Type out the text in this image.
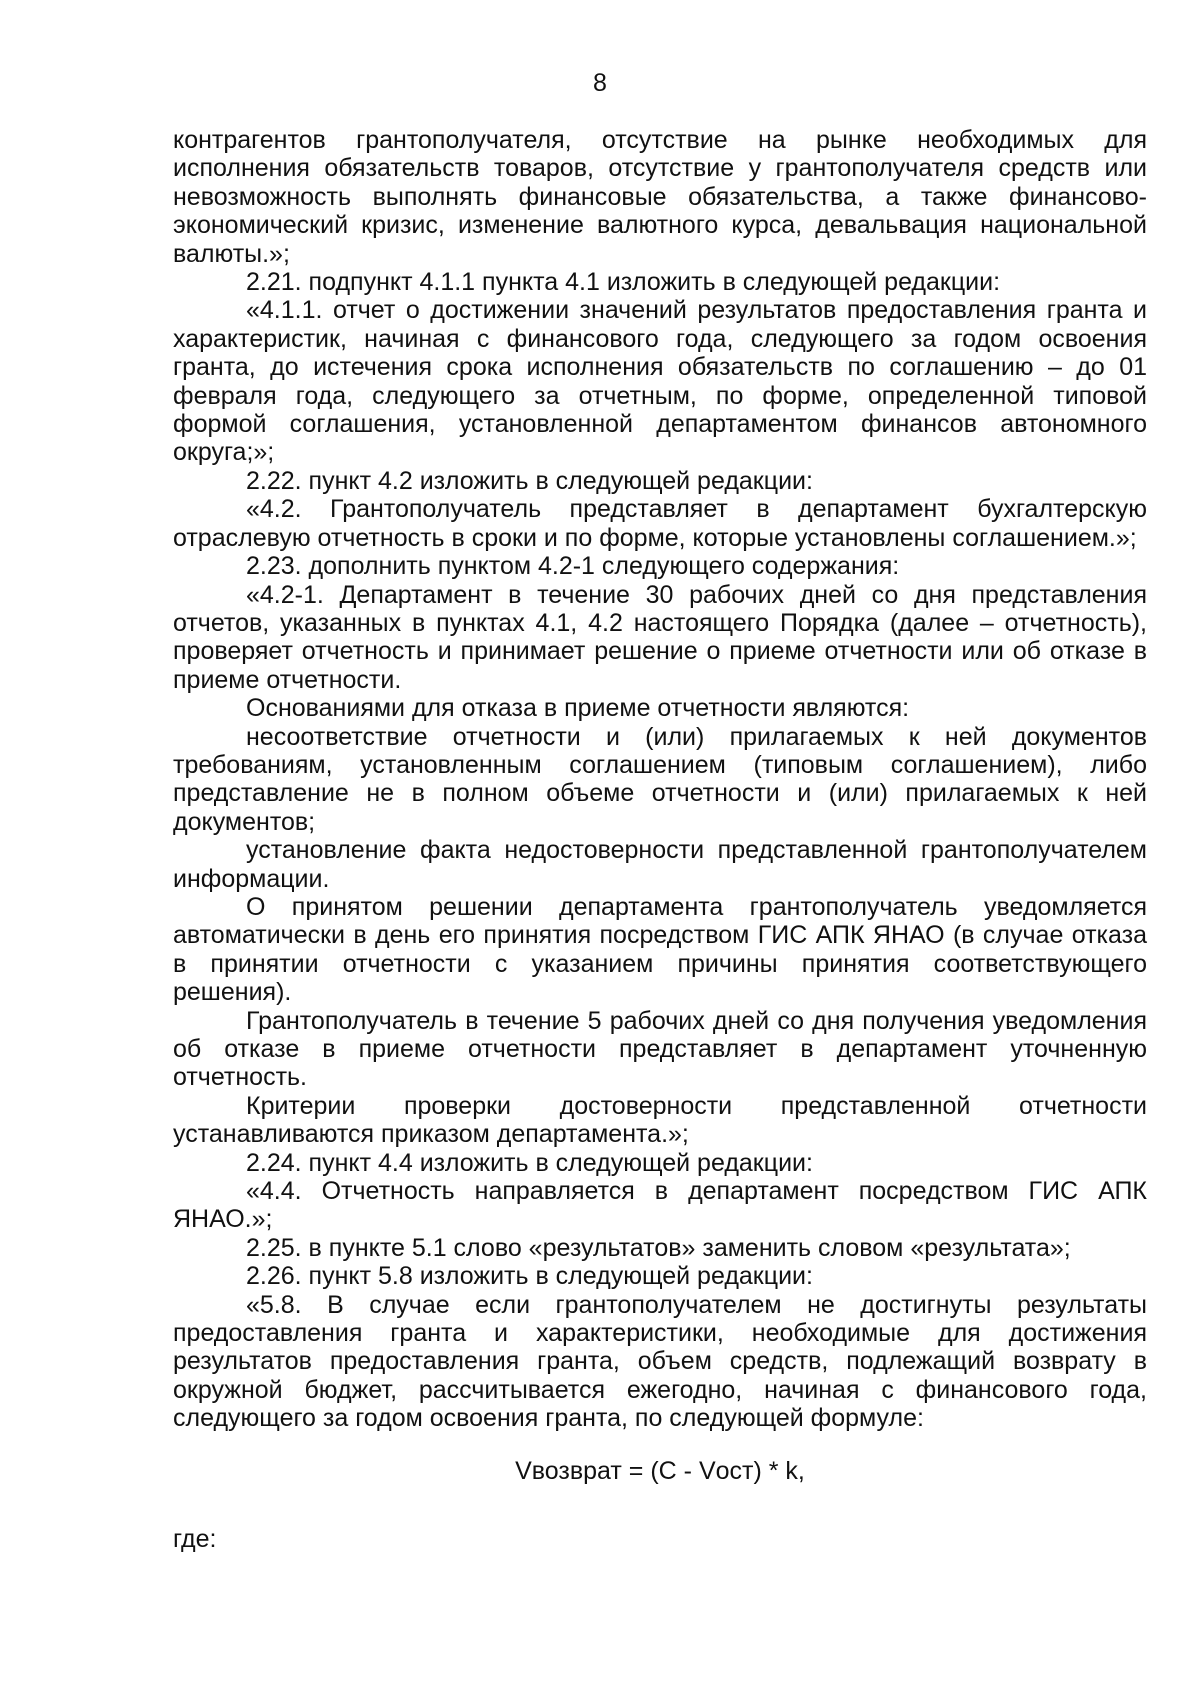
8

контрагентов грантополучателя, отсутствие на рынке необходимых для исполнения обязательств товаров, отсутствие у грантополучателя средств или невозможность выполнять финансовые обязательства, а также финансово-экономический кризис, изменение валютного курса, девальвация национальной валюты.»;

2.21. подпункт 4.1.1 пункта 4.1 изложить в следующей редакции:

«4.1.1. отчет о достижении значений результатов предоставления гранта и характеристик, начиная с финансового года, следующего за годом освоения гранта, до истечения срока исполнения обязательств по соглашению – до 01 февраля года, следующего за отчетным, по форме, определенной типовой формой соглашения, установленной департаментом финансов автономного округа;»;

2.22. пункт 4.2 изложить в следующей редакции:

«4.2. Грантополучатель представляет в департамент бухгалтерскую отраслевую отчетность в сроки и по форме, которые установлены соглашением.»;

2.23. дополнить пунктом 4.2-1 следующего содержания:

«4.2-1. Департамент в течение 30 рабочих дней со дня представления отчетов, указанных в пунктах 4.1, 4.2 настоящего Порядка (далее – отчетность), проверяет отчетность и принимает решение о приеме отчетности или об отказе в приеме отчетности.

Основаниями для отказа в приеме отчетности являются:

несоответствие отчетности и (или) прилагаемых к ней документов требованиям, установленным соглашением (типовым соглашением), либо представление не в полном объеме отчетности и (или) прилагаемых к ней документов;

установление факта недостоверности представленной грантополучателем информации.

О принятом решении департамента грантополучатель уведомляется автоматически в день его принятия посредством ГИС АПК ЯНАО (в случае отказа в принятии отчетности с указанием причины принятия соответствующего решения).

Грантополучатель в течение 5 рабочих дней со дня получения уведомления об отказе в приеме отчетности представляет в департамент уточненную отчетность.

Критерии проверки достоверности представленной отчетности устанавливаются приказом департамента.»;

2.24. пункт 4.4 изложить в следующей редакции:

«4.4. Отчетность направляется в департамент посредством ГИС АПК ЯНАО.»;

2.25. в пункте 5.1 слово «результатов» заменить словом «результата»;

2.26. пункт 5.8 изложить в следующей редакции:

«5.8. В случае если грантополучателем не достигнуты результаты предоставления гранта и характеристики, необходимые для достижения результатов предоставления гранта, объем средств, подлежащий возврату в окружной бюджет, рассчитывается ежегодно, начиная с финансового года, следующего за годом освоения гранта, по следующей формуле:

Vвозврат = (C - Vост) * k,

где:
